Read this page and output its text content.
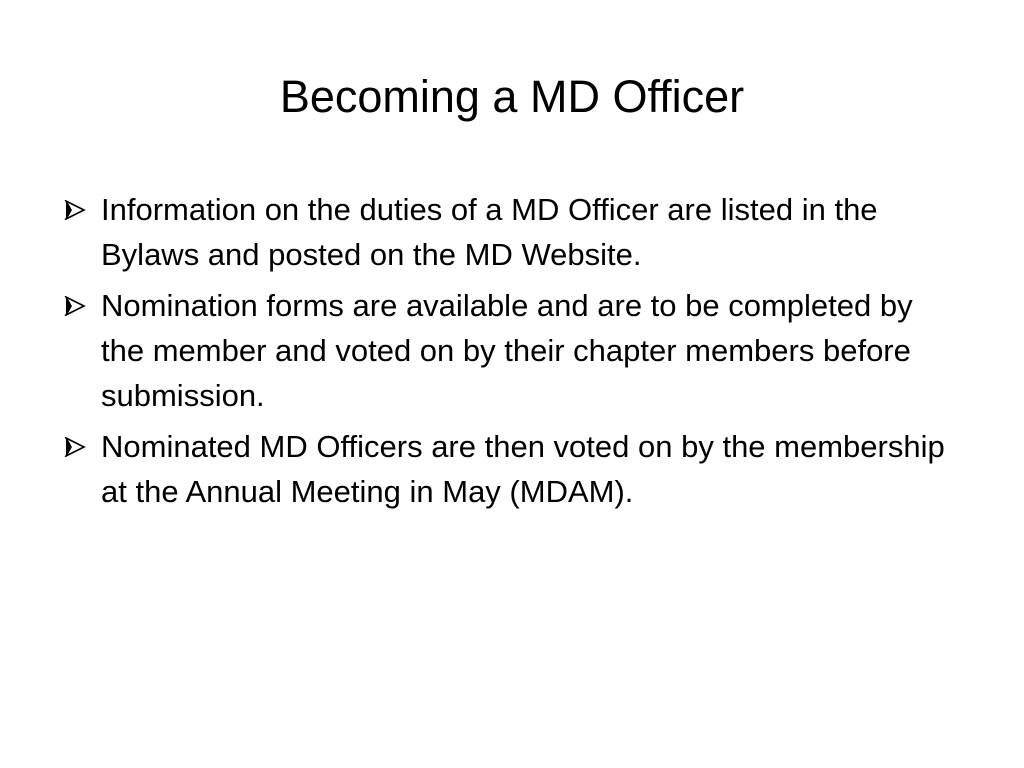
Becoming a MD Officer
Information on the duties of a MD Officer are listed in the Bylaws and posted on the MD Website.
Nomination forms are available and are to be completed by the member and voted on by their chapter members before submission.
Nominated MD Officers are then voted on by the membership at the Annual Meeting in May (MDAM).
